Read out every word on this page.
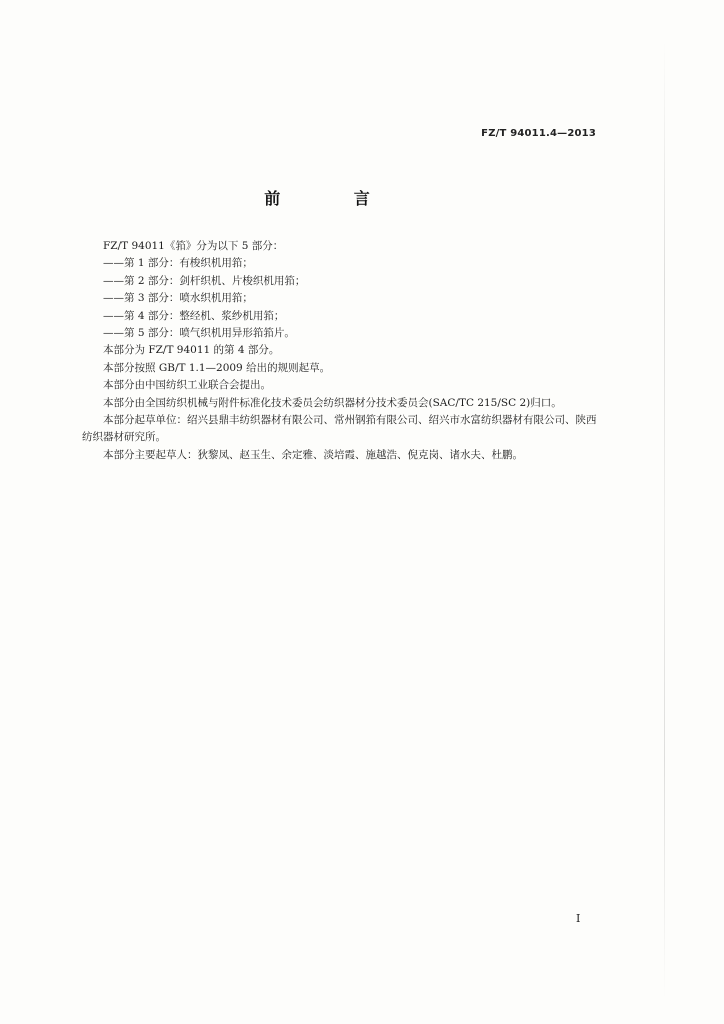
FZ/T 94011.4—2013
前 言

FZ/T 94011《筘》分为以下 5 部分：

——第 1 部分：有梭织机用筘；

——第 2 部分：剑杆织机、片梭织机用筘；

——第 3 部分：喷水织机用筘；

——第 4 部分：整经机、浆纱机用筘；

——第 5 部分：喷气织机用异形筘筘片。

本部分为 FZ/T 94011 的第 4 部分。

本部分按照 GB/T 1.1—2009 给出的规则起草。

本部分由中国纺织工业联合会提出。

本部分由全国纺织机械与附件标准化技术委员会纺织器材分技术委员会(SAC/TC 215/SC 2)归口。

本部分起草单位：绍兴县鼎丰纺织器材有限公司、常州钢筘有限公司、绍兴市水富纺织器材有限公司、陕西纺织器材研究所。

本部分主要起草人：狄黎凤、赵玉生、余定雅、淡培霞、施越浩、倪克岗、诸水夫、杜鹏。

I
